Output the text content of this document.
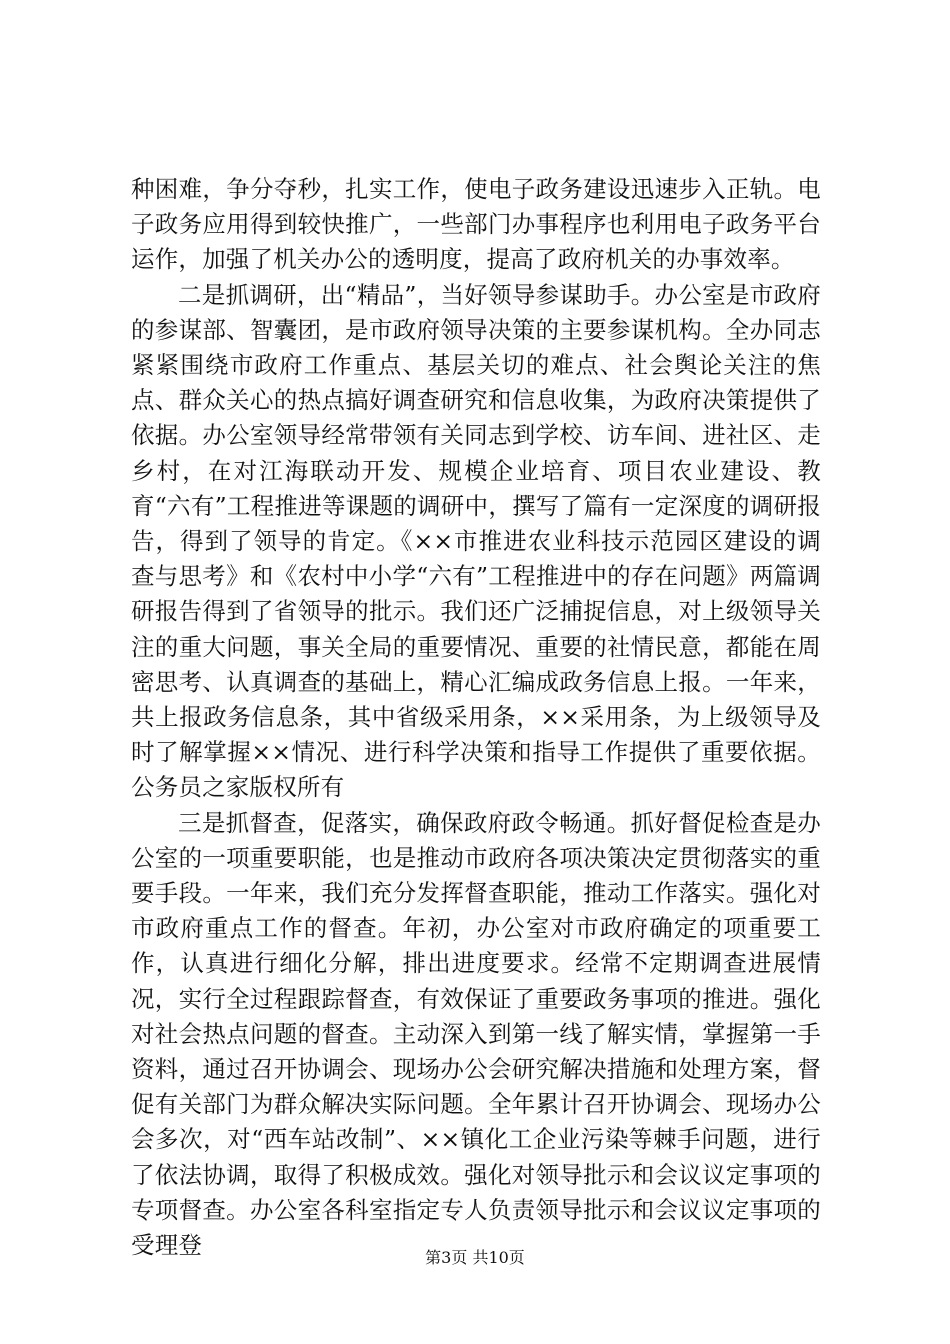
种困难，争分夺秒，扎实工作，使电子政务建设迅速步入正轨。电子政务应用得到较快推广，一些部门办事程序也利用电子政务平台运作，加强了机关办公的透明度，提高了政府机关的办事效率。

二是抓调研，出“精品”，当好领导参谋助手。办公室是市政府的参谋部、智囊团，是市政府领导决策的主要参谋机构。全办同志紧紧围绕市政府工作重点、基层关切的难点、社会舆论关注的焦点、群众关心的热点搞好调查研究和信息收集，为政府决策提供了依据。办公室领导经常带领有关同志到学校、访车间、进社区、走乡村，在对江海联动开发、规模企业培育、项目农业建设、教育“六有”工程推进等课题的调研中，撰写了篇有一定深度的调研报告，得到了领导的肯定。《××市推进农业科技示范园区建设的调查与思考》和《农村中小学“六有”工程推进中的存在问题》两篇调研报告得到了省领导的批示。我们还广泛捕捉信息，对上级领导关注的重大问题，事关全局的重要情况、重要的社情民意，都能在周密思考、认真调查的基础上，精心汇编成政务信息上报。一年来，共上报政务信息条，其中省级采用条，××采用条，为上级领导及时了解掌握××情况、进行科学决策和指导工作提供了重要依据。公务员之家版权所有

三是抓督查，促落实，确保政府政令畅通。抓好督促检查是办公室的一项重要职能，也是推动市政府各项决策决定贯彻落实的重要手段。一年来，我们充分发挥督查职能，推动工作落实。强化对市政府重点工作的督查。年初，办公室对市政府确定的项重要工作，认真进行细化分解，排出进度要求。经常不定期调查进展情况，实行全过程跟踪督查，有效保证了重要政务事项的推进。强化对社会热点问题的督查。主动深入到第一线了解实情，掌握第一手资料，通过召开协调会、现场办公会研究解决措施和处理方案，督促有关部门为群众解决实际问题。全年累计召开协调会、现场办公会多次，对“西车站改制”、××镇化工企业污染等棘手问题，进行了依法协调，取得了积极成效。强化对领导批示和会议议定事项的专项督查。办公室各科室指定专人负责领导批示和会议议定事项的受理登	第3页 共10页
